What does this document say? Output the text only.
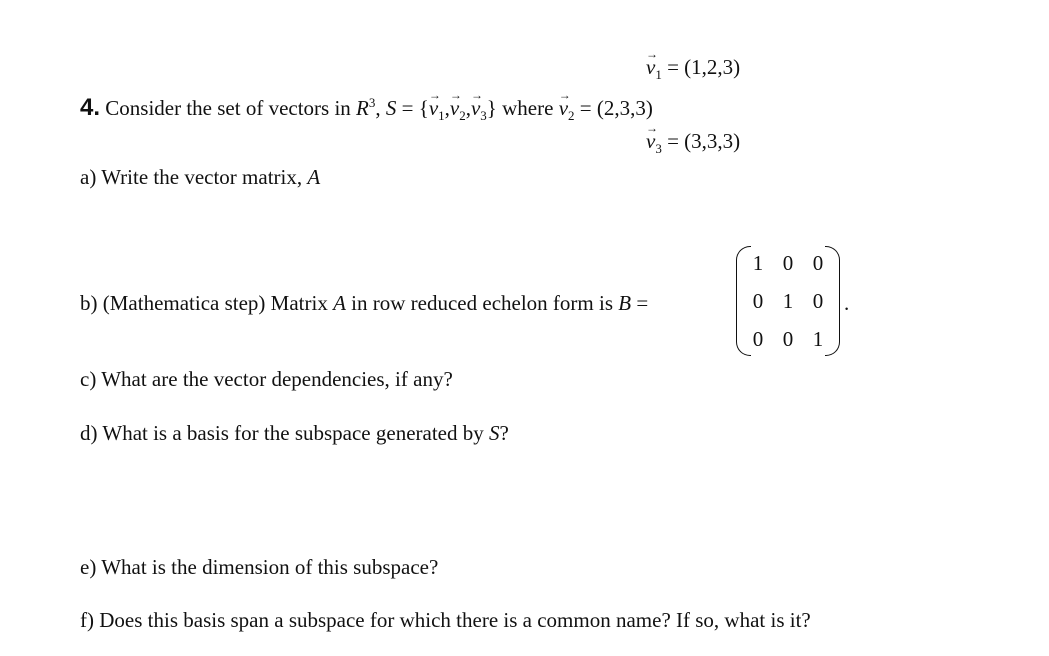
→ $v_1 = (1,2,3)$
4. Consider the set of vectors in $R^3$, S = {→ $v_1,\to v_2,\to v_3$} where → $v_2 = (2,3,3)$
→ $v_3 = (3,3,3)$
a) Write the vector matrix, A
b) (Mathematica step) Matrix A in row reduced echelon form is B =
1 0 0
0 1 0
0 0 1
.
c) What are the vector dependencies, if any?
d) What is a basis for the subspace generated by S?
e) What is the dimension of this subspace?
f) Does this basis span a subspace for which there is a common name? If so, what is it?
